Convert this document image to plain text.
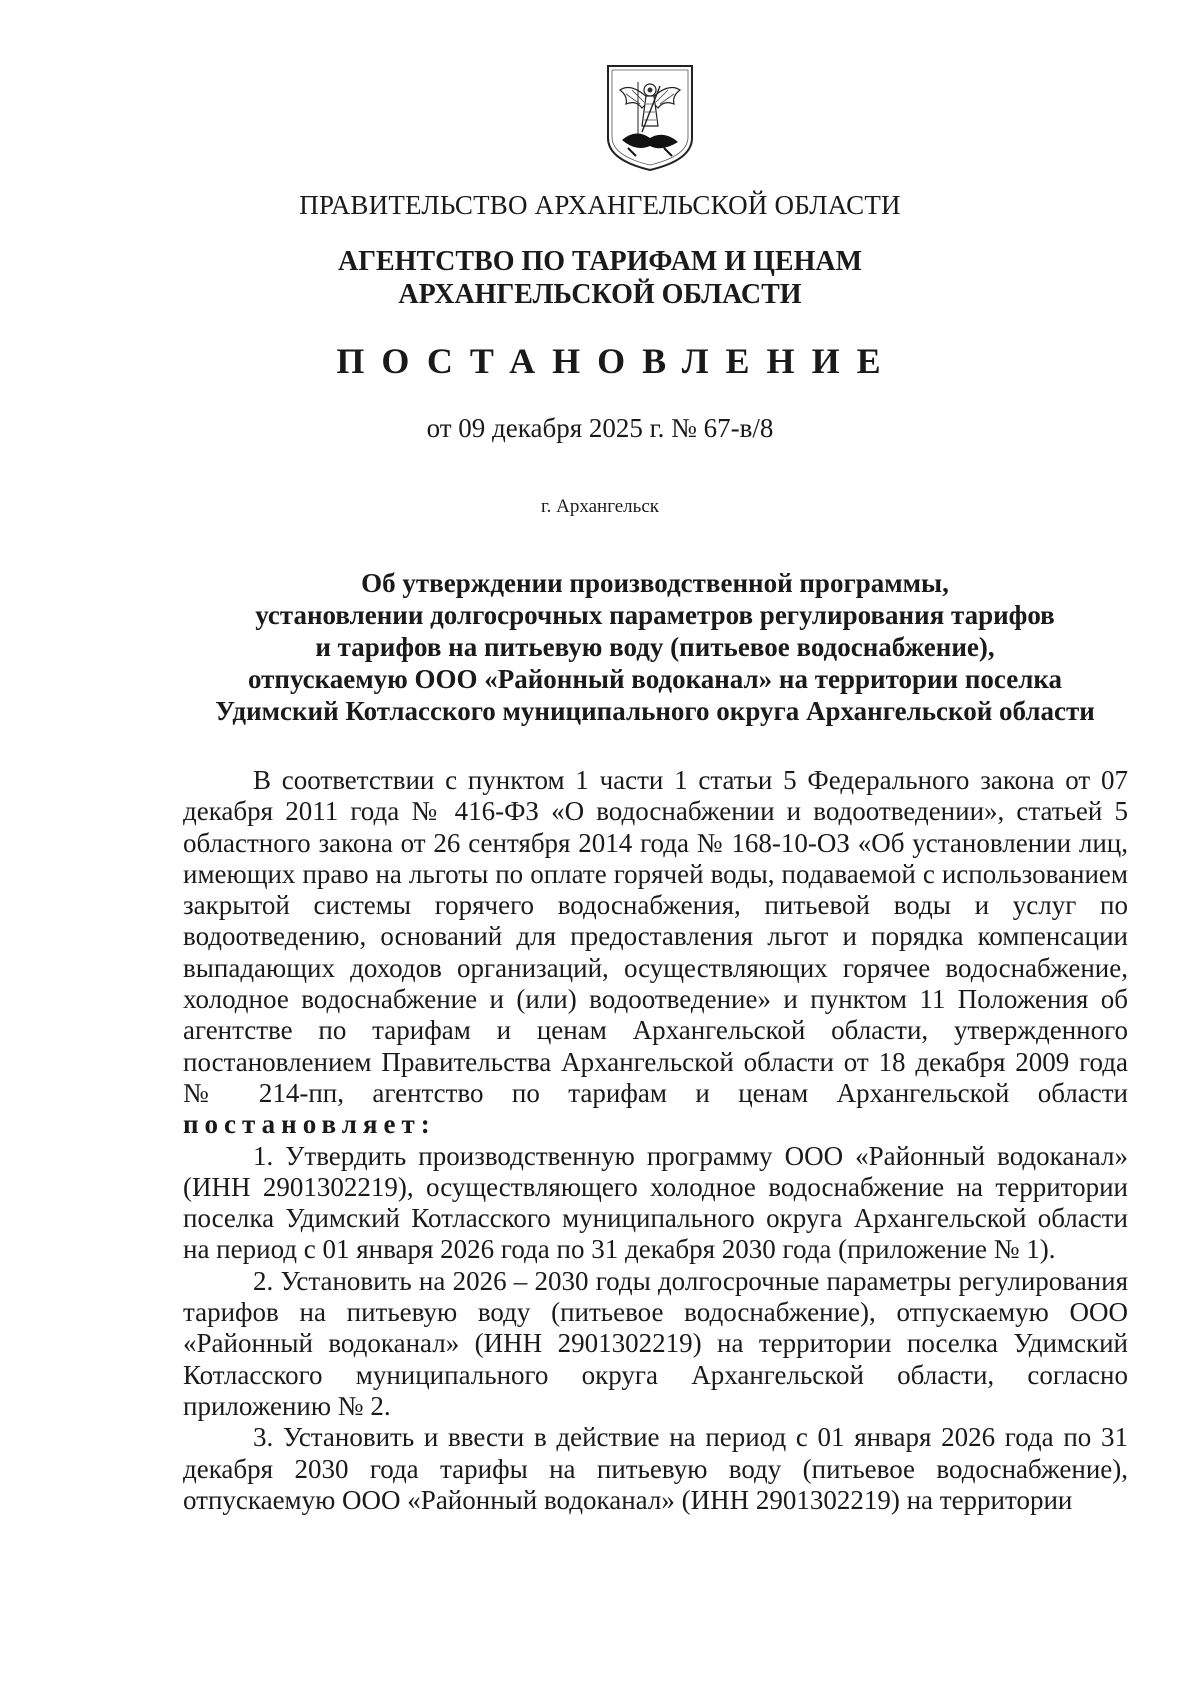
ПРАВИТЕЛЬСТВО АРХАНГЕЛЬСКОЙ ОБЛАСТИ
АГЕНТСТВО ПО ТАРИФАМ И ЦЕНАМ
АРХАНГЕЛЬСКОЙ ОБЛАСТИ
ПОСТАНОВЛЕНИЕ
от 09 декабря 2025 г. № 67-в/8
г. Архангельск
Об утверждении производственной программы,
установлении долгосрочных параметров регулирования тарифов
и тарифов на питьевую воду (питьевое водоснабжение),
отпускаемую ООО «Районный водоканал» на территории поселка
Удимский Котласского муниципального округа Архангельской области

В соответствии с пунктом 1 части 1 статьи 5 Федерального закона от 07 декабря 2011 года № 416-ФЗ «О водоснабжении и водоотведении», статьей 5 областного закона от 26 сентября 2014 года № 168-10-ОЗ «Об установлении лиц, имеющих право на льготы по оплате горячей воды, подаваемой с использованием закрытой системы горячего водоснабжения, питьевой воды и услуг по водоотведению, оснований для предоставления льгот и порядка компенсации выпадающих доходов организаций, осуществляющих горячее водоснабжение, холодное водоснабжение и (или) водоотведение» и пунктом 11 Положения об агентстве по тарифам и ценам Архангельской области, утвержденного постановлением Правительства Архангельской области от 18 декабря 2009 года № 214-пп, агентство по тарифам и ценам Архангельской области постановляет:

1. Утвердить производственную программу ООО «Районный водоканал» (ИНН 2901302219), осуществляющего холодное водоснабжение на территории поселка Удимский Котласского муниципального округа Архангельской области на период с 01 января 2026 года по 31 декабря 2030 года (приложение № 1).

2. Установить на 2026 – 2030 годы долгосрочные параметры регулирования тарифов на питьевую воду (питьевое водоснабжение), отпускаемую ООО «Районный водоканал» (ИНН 2901302219) на территории поселка Удимский Котласского муниципального округа Архангельской области, согласно приложению № 2.

3. Установить и ввести в действие на период с 01 января 2026 года по 31 декабря 2030 года тарифы на питьевую воду (питьевое водоснабжение), отпускаемую ООО «Районный водоканал» (ИНН 2901302219) на территории
